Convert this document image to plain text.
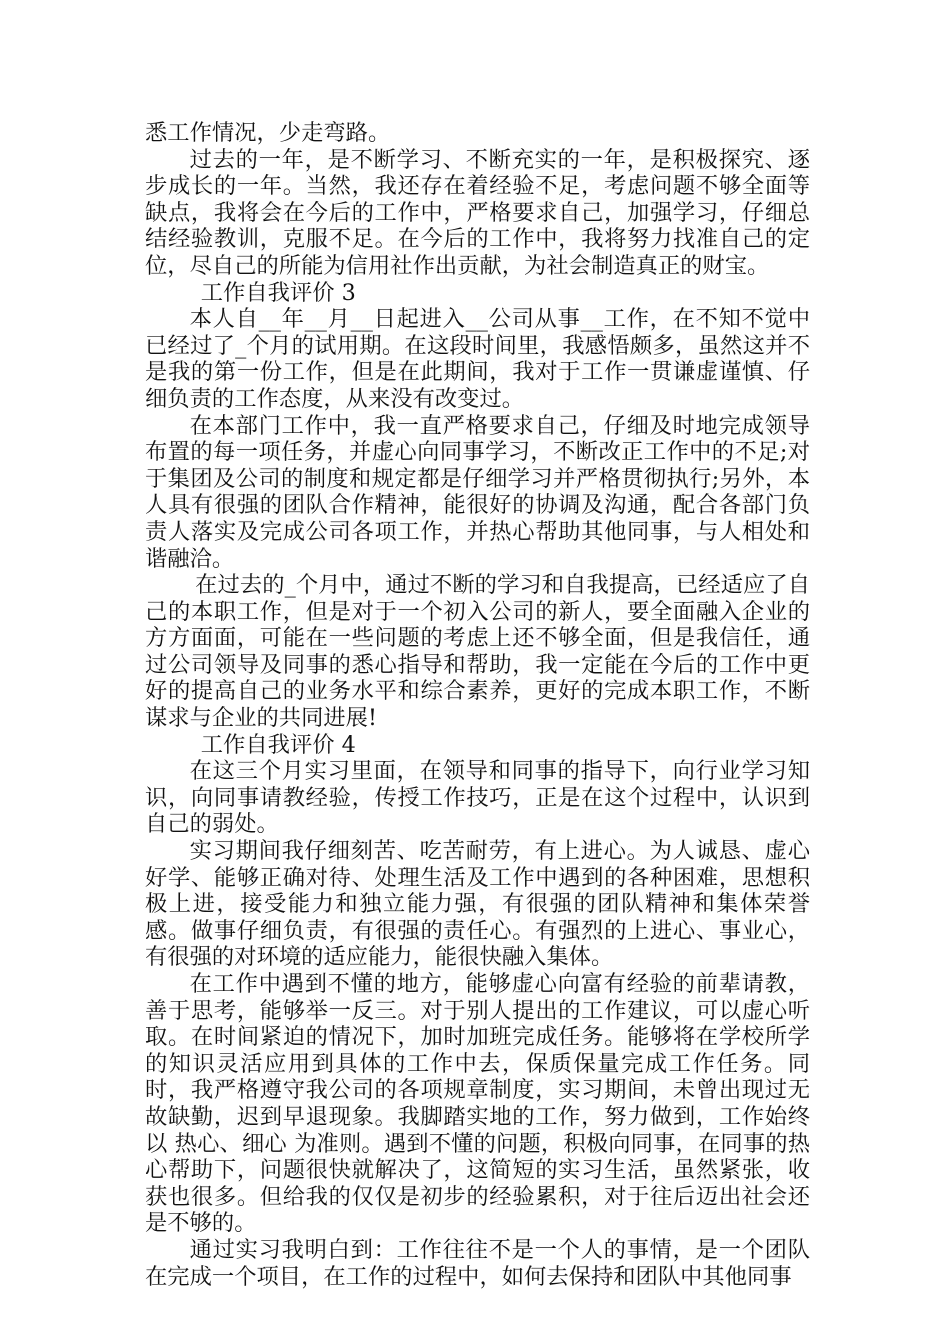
悉工作情况，少走弯路。

过去的一年，是不断学习、不断充实的一年，是积极探究、逐步成长的一年。当然，我还存在着经验不足，考虑问题不够全面等缺点，我将会在今后的工作中，严格要求自己，加强学习，仔细总结经验教训，克服不足。在今后的工作中，我将努力找准自己的定位，尽自己的所能为信用社作出贡献，为社会制造真正的财宝。

工作自我评价 3

本人自__年__月__日起进入__公司从事__工作，在不知不觉中已经过了_个月的试用期。在这段时间里，我感悟颇多，虽然这并不是我的第一份工作，但是在此期间，我对于工作一贯谦虚谨慎、仔细负责的工作态度，从来没有改变过。

在本部门工作中，我一直严格要求自己，仔细及时地完成领导布置的每一项任务，并虚心向同事学习，不断改正工作中的不足;对于集团及公司的制度和规定都是仔细学习并严格贯彻执行;另外，本人具有很强的团队合作精神，能很好的协调及沟通，配合各部门负责人落实及完成公司各项工作，并热心帮助其他同事，与人相处和谐融洽。

在过去的_个月中，通过不断的学习和自我提高，已经适应了自己的本职工作，但是对于一个初入公司的新人，要全面融入企业的方方面面，可能在一些问题的考虑上还不够全面，但是我信任，通过公司领导及同事的悉心指导和帮助，我一定能在今后的工作中更好的提高自己的业务水平和综合素养，更好的完成本职工作，不断谋求与企业的共同进展!

工作自我评价 4

在这三个月实习里面，在领导和同事的指导下，向行业学习知识，向同事请教经验，传授工作技巧，正是在这个过程中，认识到自己的弱处。

实习期间我仔细刻苦、吃苦耐劳，有上进心。为人诚恳、虚心好学、能够正确对待、处理生活及工作中遇到的各种困难，思想积极上进，接受能力和独立能力强，有很强的团队精神和集体荣誉感。做事仔细负责，有很强的责任心。有强烈的上进心、事业心，有很强的对环境的适应能力，能很快融入集体。

在工作中遇到不懂的地方，能够虚心向富有经验的前辈请教，善于思考，能够举一反三。对于别人提出的工作建议，可以虚心听取。在时间紧迫的情况下，加时加班完成任务。能够将在学校所学的知识灵活应用到具体的工作中去，保质保量完成工作任务。同时，我严格遵守我公司的各项规章制度，实习期间，未曾出现过无故缺勤，迟到早退现象。我脚踏实地的工作，努力做到，工作始终以 热心、细心 为准则。遇到不懂的问题，积极向同事，在同事的热心帮助下，问题很快就解决了，这简短的实习生活，虽然紧张，收获也很多。但给我的仅仅是初步的经验累积，对于往后迈出社会还是不够的。

通过实习我明白到：工作往往不是一个人的事情，是一个团队在完成一个项目，在工作的过程中，如何去保持和团队中其他同事
